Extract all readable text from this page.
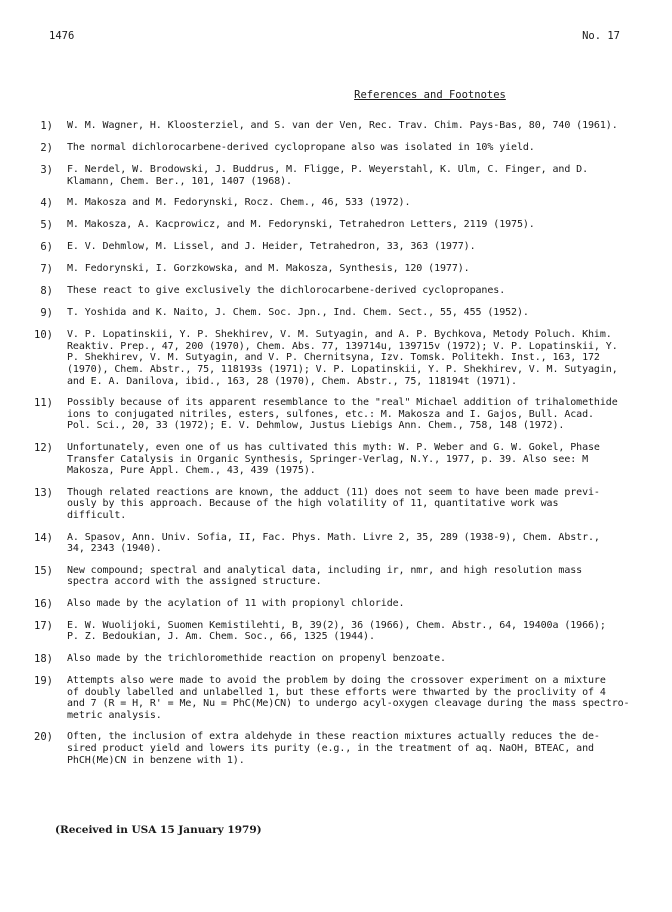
1476	No. 17
References and Footnotes
1)	W. M. Wagner, H. Kloosterziel, and S. van der Ven, Rec. Trav. Chim. Pays-Bas, 80, 740 (1961).
2)	The normal dichlorocarbene-derived cyclopropane also was isolated in 10% yield.
3)	F. Nerdel, W. Brodowski, J. Buddrus, M. Fligge, P. Weyerstahl, K. Ulm, C. Finger, and D.
Klamann, Chem. Ber., 101, 1407 (1968).
4)	M. Makosza and M. Fedorynski, Rocz. Chem., 46, 533 (1972).
5)	M. Makosza, A. Kacprowicz, and M. Fedorynski, Tetrahedron Letters, 2119 (1975).
6)	E. V. Dehmlow, M. Lissel, and J. Heider, Tetrahedron, 33, 363 (1977).
7)	M. Fedorynski, I. Gorzkowska, and M. Makosza, Synthesis, 120 (1977).
8)	These react to give exclusively the dichlorocarbene-derived cyclopropanes.
9)	T. Yoshida and K. Naito, J. Chem. Soc. Jpn., Ind. Chem. Sect., 55, 455 (1952).
10)	V. P. Lopatinskii, Y. P. Shekhirev, V. M. Sutyagin, and A. P. Bychkova, Metody Poluch. Khim.
Reaktiv. Prep., 47, 200 (1970), Chem. Abs. 77, 139714u, 139715v (1972); V. P. Lopatinskii, Y.
P. Shekhirev, V. M. Sutyagin, and V. P. Chernitsyna, Izv. Tomsk. Politekh. Inst., 163, 172
(1970), Chem. Abstr., 75, 118193s (1971); V. P. Lopatinskii, Y. P. Shekhirev, V. M. Sutyagin,
and E. A. Danilova, ibid., 163, 28 (1970), Chem. Abstr., 75, 118194t (1971).
11)	Possibly because of its apparent resemblance to the "real" Michael addition of trihalomethide
ions to conjugated nitriles, esters, sulfones, etc.: M. Makosza and I. Gajos, Bull. Acad.
Pol. Sci., 20, 33 (1972); E. V. Dehmlow, Justus Liebigs Ann. Chem., 758, 148 (1972).
12)	Unfortunately, even one of us has cultivated this myth: W. P. Weber and G. W. Gokel, Phase
Transfer Catalysis in Organic Synthesis, Springer-Verlag, N.Y., 1977, p. 39. Also see: M
Makosza, Pure Appl. Chem., 43, 439 (1975).
13)	Though related reactions are known, the adduct (11) does not seem to have been made previ-
ously by this approach. Because of the high volatility of 11, quantitative work was
difficult.
14)	A. Spasov, Ann. Univ. Sofia, II, Fac. Phys. Math. Livre 2, 35, 289 (1938-9), Chem. Abstr.,
34, 2343 (1940).
15)	New compound; spectral and analytical data, including ir, nmr, and high resolution mass
spectra accord with the assigned structure.
16)	Also made by the acylation of 11 with propionyl chloride.
17)	E. W. Wuolijoki, Suomen Kemistilehti, B, 39(2), 36 (1966), Chem. Abstr., 64, 19400a (1966);
P. Z. Bedoukian, J. Am. Chem. Soc., 66, 1325 (1944).
18)	Also made by the trichloromethide reaction on propenyl benzoate.
19)	Attempts also were made to avoid the problem by doing the crossover experiment on a mixture
of doubly labelled and unlabelled 1, but these efforts were thwarted by the proclivity of 4
and 7 (R = H, R' = Me, Nu = PhC(Me)CN) to undergo acyl-oxygen cleavage during the mass spectro-
metric analysis.
20)	Often, the inclusion of extra aldehyde in these reaction mixtures actually reduces the de-
sired product yield and lowers its purity (e.g., in the treatment of aq. NaOH, BTEAC, and
PhCH(Me)CN in benzene with 1).
(Received in USA 15 January 1979)
